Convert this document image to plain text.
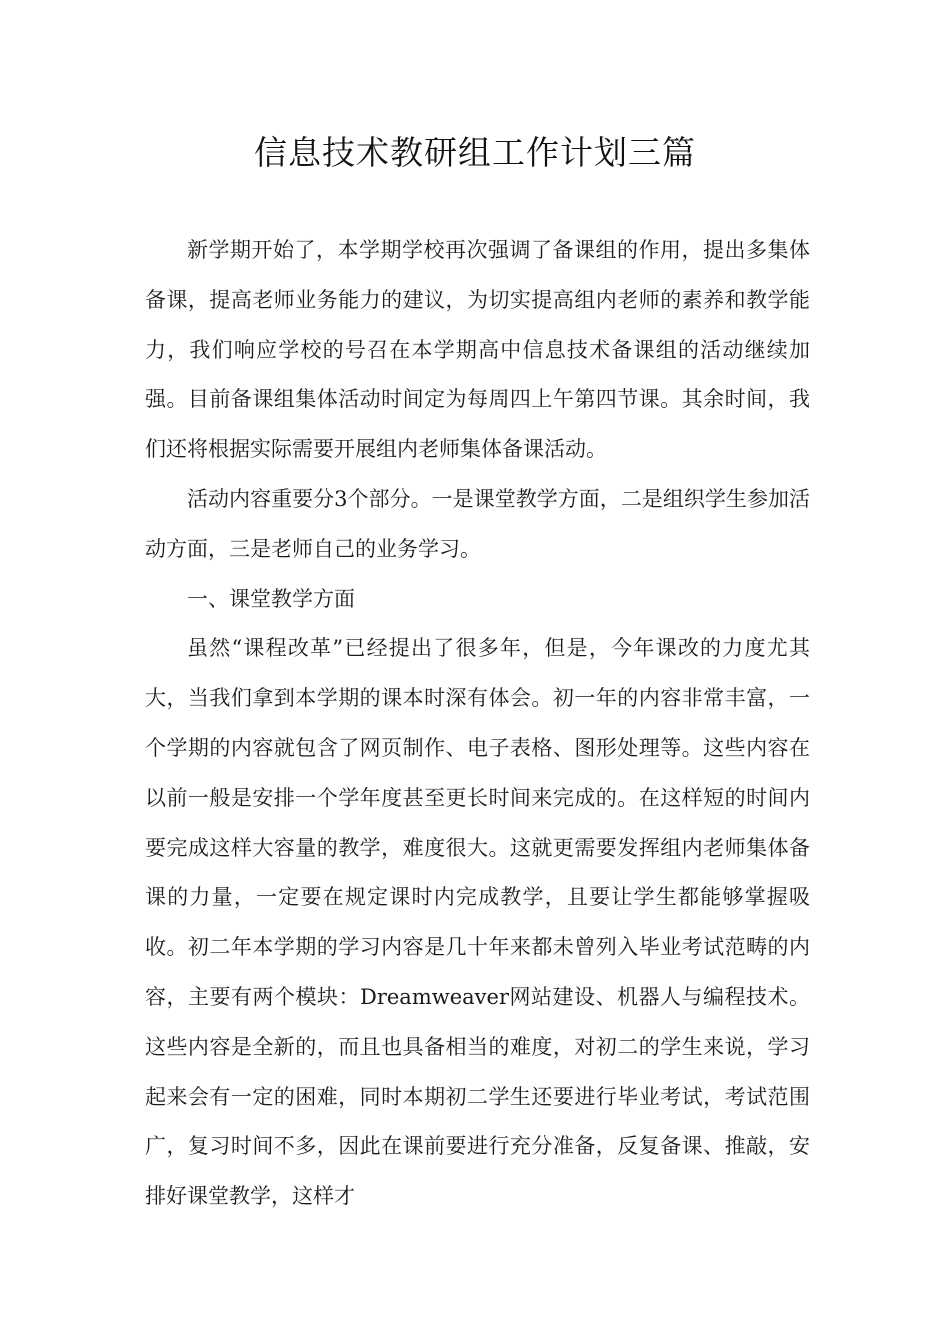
信息技术教研组工作计划三篇

新学期开始了，本学期学校再次强调了备课组的作用，提出多集体备课，提高老师业务能力的建议，为切实提高组内老师的素养和教学能力，我们响应学校的号召在本学期高中信息技术备课组的活动继续加强。目前备课组集体活动时间定为每周四上午第四节课。其余时间，我们还将根据实际需要开展组内老师集体备课活动。

活动内容重要分3个部分。一是课堂教学方面，二是组织学生参加活动方面，三是老师自己的业务学习。

一、课堂教学方面

虽然“课程改革”已经提出了很多年，但是，今年课改的力度尤其大，当我们拿到本学期的课本时深有体会。初一年的内容非常丰富，一个学期的内容就包含了网页制作、电子表格、图形处理等。这些内容在以前一般是安排一个学年度甚至更长时间来完成的。在这样短的时间内要完成这样大容量的教学，难度很大。这就更需要发挥组内老师集体备课的力量，一定要在规定课时内完成教学，且要让学生都能够掌握吸收。初二年本学期的学习内容是几十年来都未曾列入毕业考试范畴的内容，主要有两个模块：Dreamweaver网站建设、机器人与编程技术。这些内容是全新的，而且也具备相当的难度，对初二的学生来说，学习起来会有一定的困难，同时本期初二学生还要进行毕业考试，考试范围广，复习时间不多，因此在课前要进行充分准备，反复备课、推敲，安排好课堂教学，这样才
